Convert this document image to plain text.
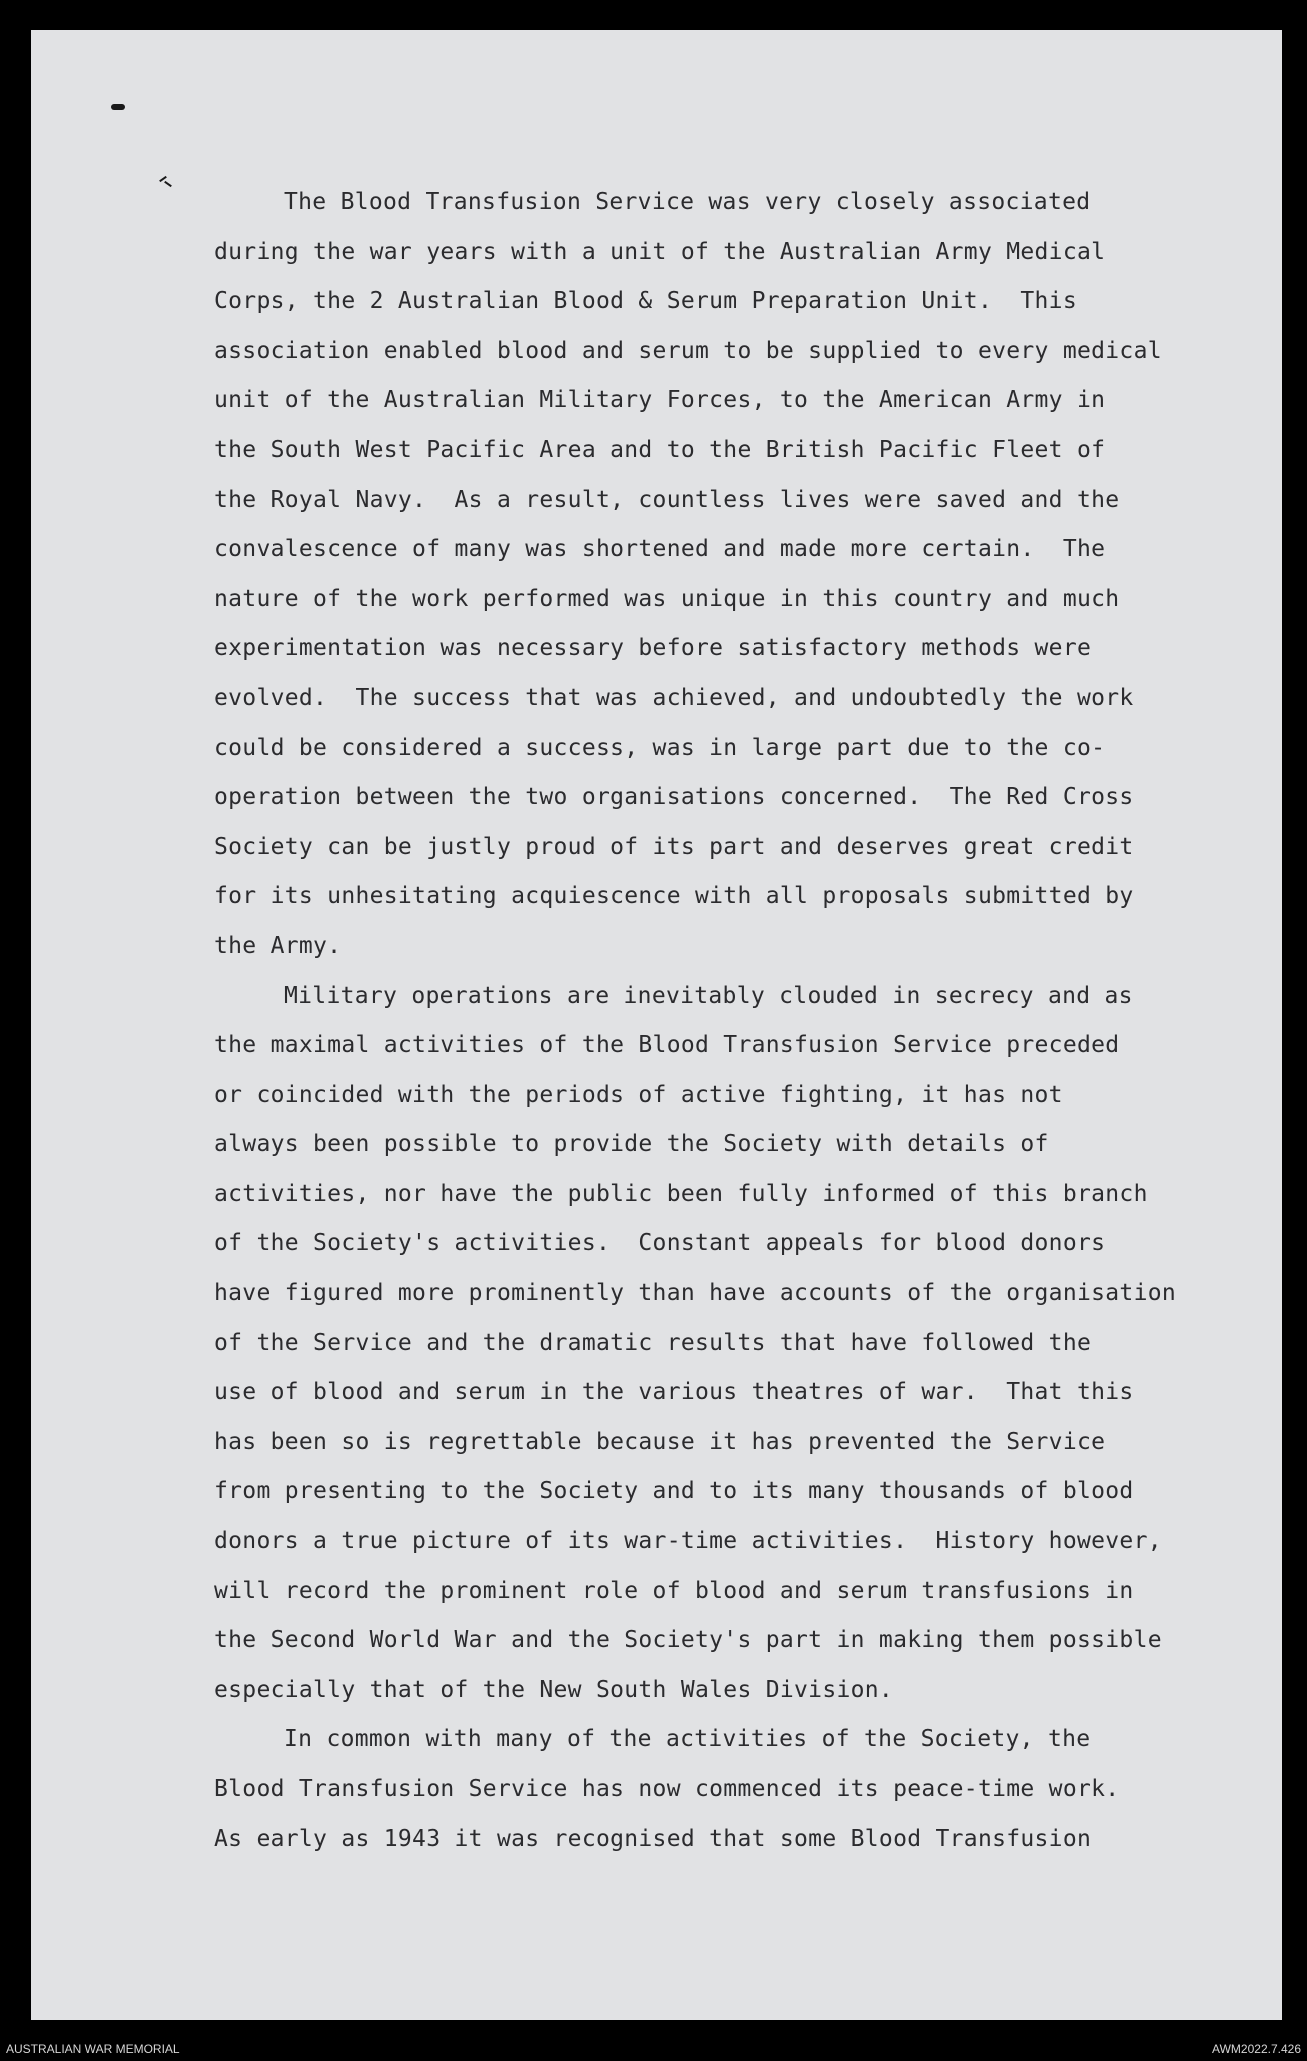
The Blood Transfusion Service was very closely associated
during the war years with a unit of the Australian Army Medical
Corps, the 2 Australian Blood & Serum Preparation Unit.  This
association enabled blood and serum to be supplied to every medical
unit of the Australian Military Forces, to the American Army in
the South West Pacific Area and to the British Pacific Fleet of
the Royal Navy.  As a result, countless lives were saved and the
convalescence of many was shortened and made more certain.  The
nature of the work performed was unique in this country and much
experimentation was necessary before satisfactory methods were
evolved.  The success that was achieved, and undoubtedly the work
could be considered a success, was in large part due to the co-
operation between the two organisations concerned.  The Red Cross
Society can be justly proud of its part and deserves great credit
for its unhesitating acquiescence with all proposals submitted by
the Army.

Military operations are inevitably clouded in secrecy and as
the maximal activities of the Blood Transfusion Service preceded
or coincided with the periods of active fighting, it has not
always been possible to provide the Society with details of
activities, nor have the public been fully informed of this branch
of the Society's activities.  Constant appeals for blood donors
have figured more prominently than have accounts of the organisation
of the Service and the dramatic results that have followed the
use of blood and serum in the various theatres of war.  That this
has been so is regrettable because it has prevented the Service
from presenting to the Society and to its many thousands of blood
donors a true picture of its war-time activities.  History however,
will record the prominent role of blood and serum transfusions in
the Second World War and the Society's part in making them possible
especially that of the New South Wales Division.

In common with many of the activities of the Society, the
Blood Transfusion Service has now commenced its peace-time work.
As early as 1943 it was recognised that some Blood Transfusion

AUSTRALIAN WAR MEMORIAL	AWM2022.7.426
